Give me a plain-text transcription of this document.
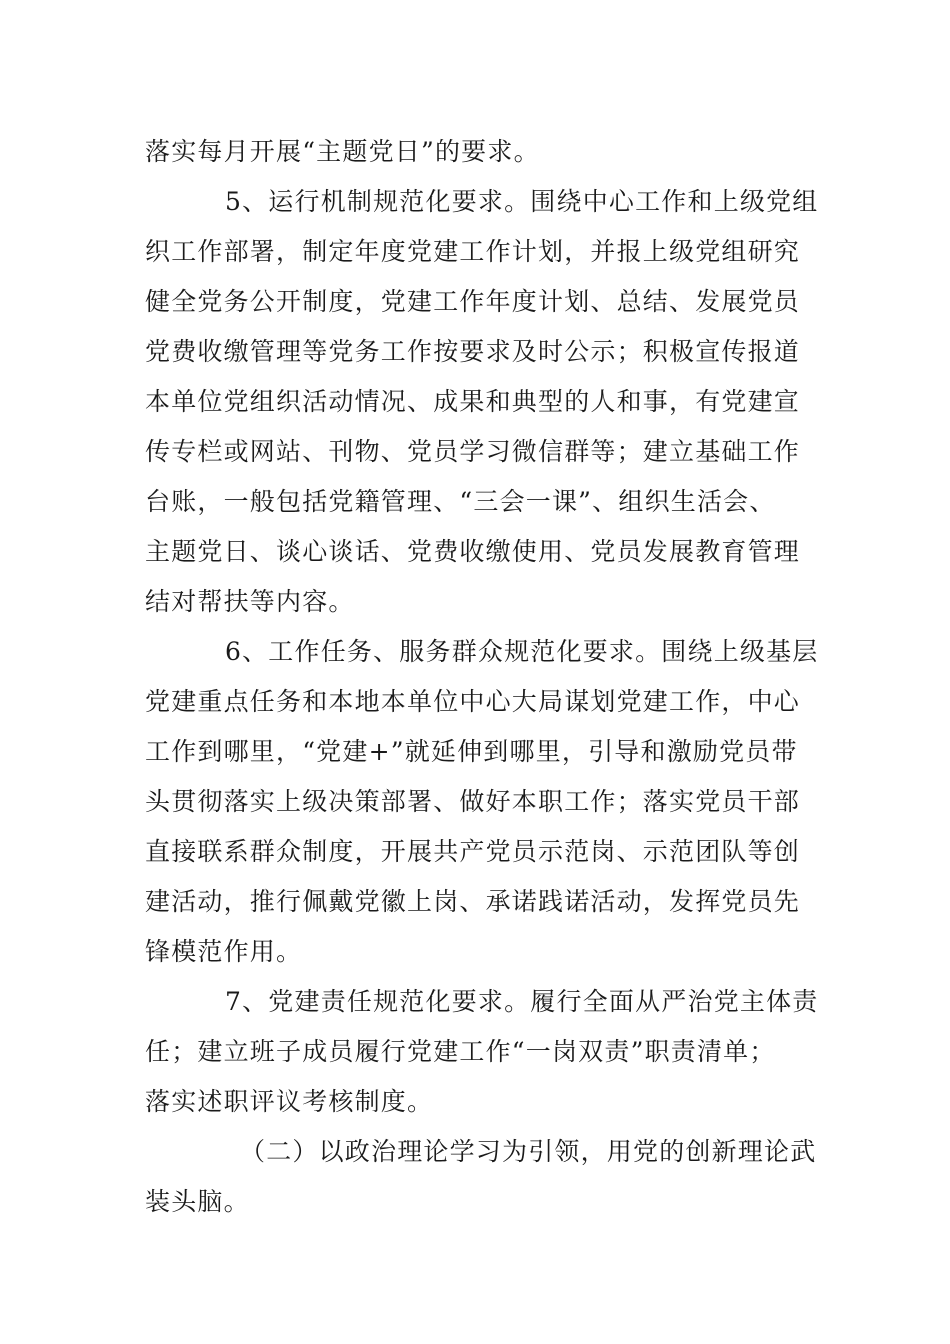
落实每月开展“主题党日”的要求。
5、运行机制规范化要求。围绕中心工作和上级党组
织工作部署，制定年度党建工作计划，并报上级党组研究
健全党务公开制度，党建工作年度计划、总结、发展党员
党费收缴管理等党务工作按要求及时公示；积极宣传报道
本单位党组织活动情况、成果和典型的人和事，有党建宣
传专栏或网站、刊物、党员学习微信群等；建立基础工作
台账，一般包括党籍管理、“三会一课”、组织生活会、
主题党日、谈心谈话、党费收缴使用、党员发展教育管理
结对帮扶等内容。
6、工作任务、服务群众规范化要求。围绕上级基层
党建重点任务和本地本单位中心大局谋划党建工作，中心
工作到哪里，“党建+”就延伸到哪里，引导和激励党员带
头贯彻落实上级决策部署、做好本职工作；落实党员干部
直接联系群众制度，开展共产党员示范岗、示范团队等创
建活动，推行佩戴党徽上岗、承诺践诺活动，发挥党员先
锋模范作用。
7、党建责任规范化要求。履行全面从严治党主体责
任；建立班子成员履行党建工作“一岗双责”职责清单；
落实述职评议考核制度。
（二）以政治理论学习为引领，用党的创新理论武
装头脑。
